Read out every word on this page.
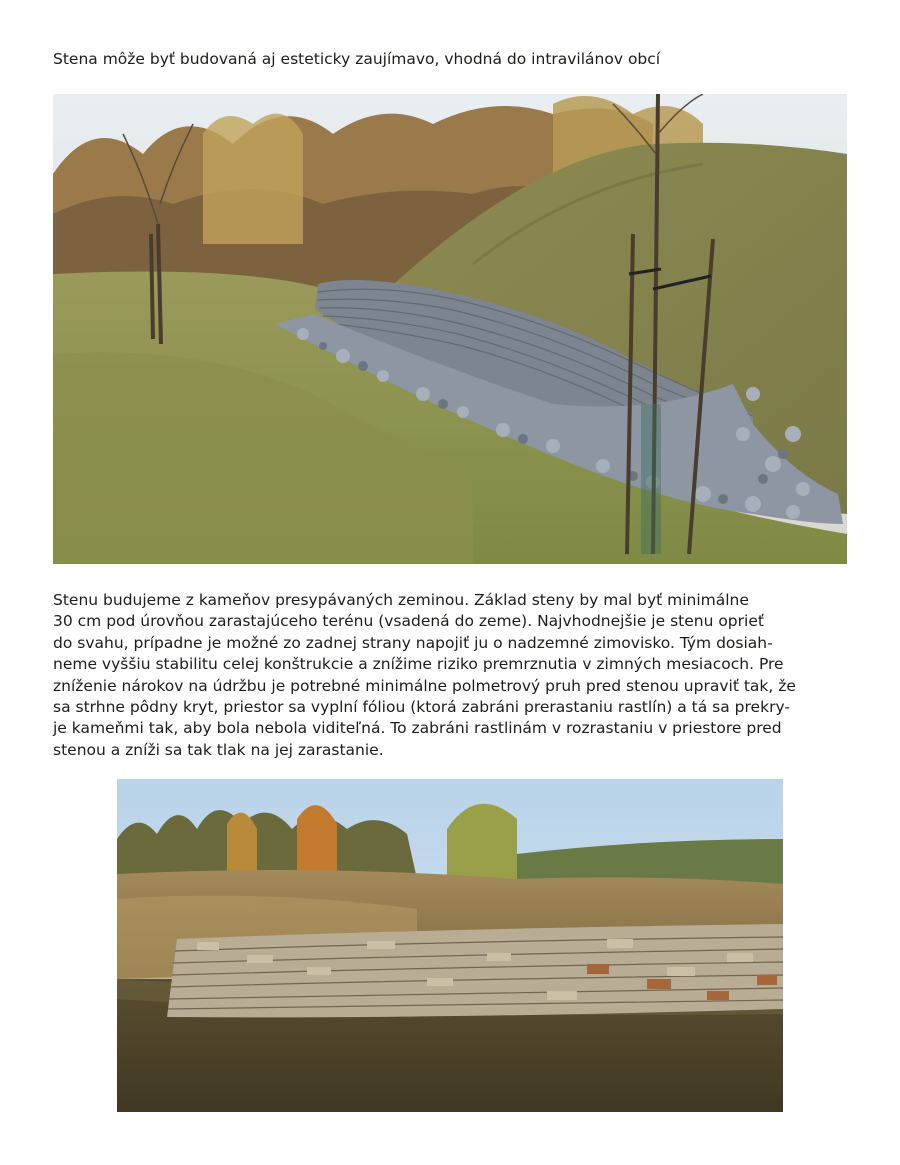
Stena môže byť budovaná aj esteticky zaujímavo, vhodná do intravilánov obcí
Stenu budujeme z kameňov presypávaných zeminou. Základ steny by mal byť minimálne
30 cm pod úrovňou zarastajúceho terénu (vsadená do zeme). Najvhodnejšie je stenu oprieť
do svahu, prípadne je možné zo zadnej strany napojiť ju o nadzemné zimovisko. Tým dosiah-
neme vyššiu stabilitu celej konštrukcie a znížime riziko premrznutia v zimných mesiacoch. Pre
zníženie nárokov na údržbu je potrebné minimálne polmetrový pruh pred stenou upraviť tak, že
sa strhne pôdny kryt, priestor sa vyplní fóliou (ktorá zabráni prerastaniu rastlín) a tá sa prekry-
je kameňmi tak, aby bola nebola viditeľná. To zabráni rastlinám v rozrastaniu v priestore pred
stenou a zníži sa tak tlak na jej zarastanie.
